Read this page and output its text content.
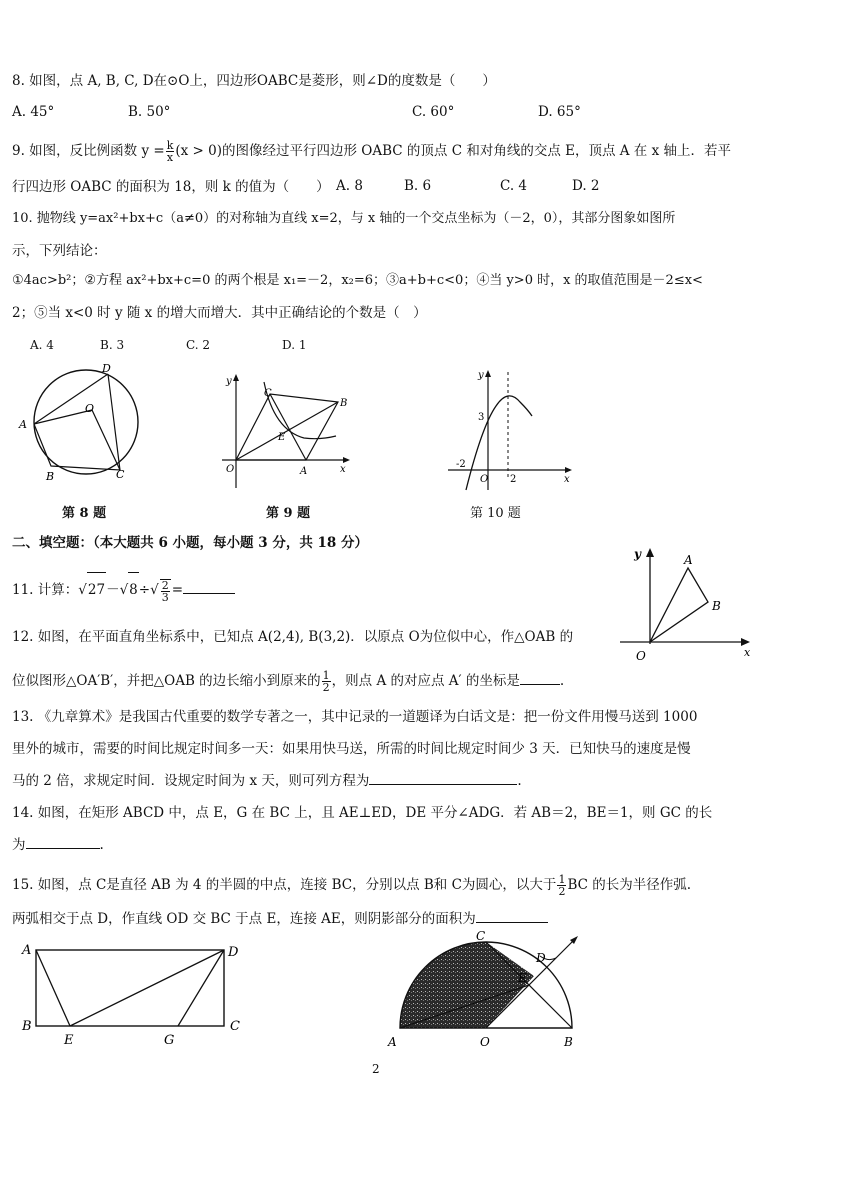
8. 如图，点 A, B, C, D在⊙O上，四边形OABC是菱形，则∠D的度数是（　　）
A. 45°	B. 50°	C. 60°	D. 65°
9. 如图，反比例函数 $y = \frac{k}{x} (x > 0)$的图像经过平行四边形 OABC 的顶点 C 和对角线的交点 E，顶点 A 在 x 轴上．若平
行四边形 OABC 的面积为 18，则 k 的值为（　　） A. 8	B. 6	C. 4	D. 2
10. 抛物线 y=ax²+bx+c（a≠0）的对称轴为直线 x=2，与 x 轴的一个交点坐标为（－2，0），其部分图象如图所
示，下列结论：
①4ac>b²；②方程 ax²+bx+c=0 的两个根是 x₁=－2，x₂=6；③a+b+c<0；④当 y>0 时，x 的取值范围是－2≤x<
2；⑤当 x<0 时 y 随 x 的增大而增大．其中正确结论的个数是（　）
A. 4	B. 3	C. 2	D. 1
A
B	C
D
O
第 8 题
y
x
O	A
B
C
E
第 9 题
y
x
3
-2
O 2
第 10 题
二、填空题：（本大题共 6 小题，每小题 3 分，共 18 分）
11. 计算：$√27-√8\div√ \frac{2}{3}$ =
y
x
O
A
B
12. 如图，在平面直角坐标系中，已知点 A(2,4), B(3,2)．以原点 O为位似中心，作△OAB 的
位似图形△OA′B′，并把△OAB 的边长缩小到原来的 $\frac{1}{2}$ ，则点 A 的对应点 A′ 的坐标是	.
13. 《九章算术》是我国古代重要的数学专著之一，其中记录的一道题译为白话文是：把一份文件用慢马送到 1000
里外的城市，需要的时间比规定时间多一天：如果用快马送，所需的时间比规定时间少 3 天．已知快马的速度是慢
马的 2 倍，求规定时间．设规定时间为 x 天，则可列方程为	.
14. 如图，在矩形 ABCD 中，点 E，G 在 BC 上，且 AE⊥ED，DE 平分∠ADG．若 AB＝2，BE＝1，则 GC 的长
为	.
15. 如图，点 C是直径 AB 为 4 的半圆的中点，连接 BC，分别以点 B和 C为圆心，以大于 $\frac{1}{2}$ BC 的长为半径作弧.
两弧相交于点 D，作直线 OD 交 BC 于点 E，连接 AE，则阴影部分的面积为
A
B	C
D
E	G	A	B
C
D
E
O
2
